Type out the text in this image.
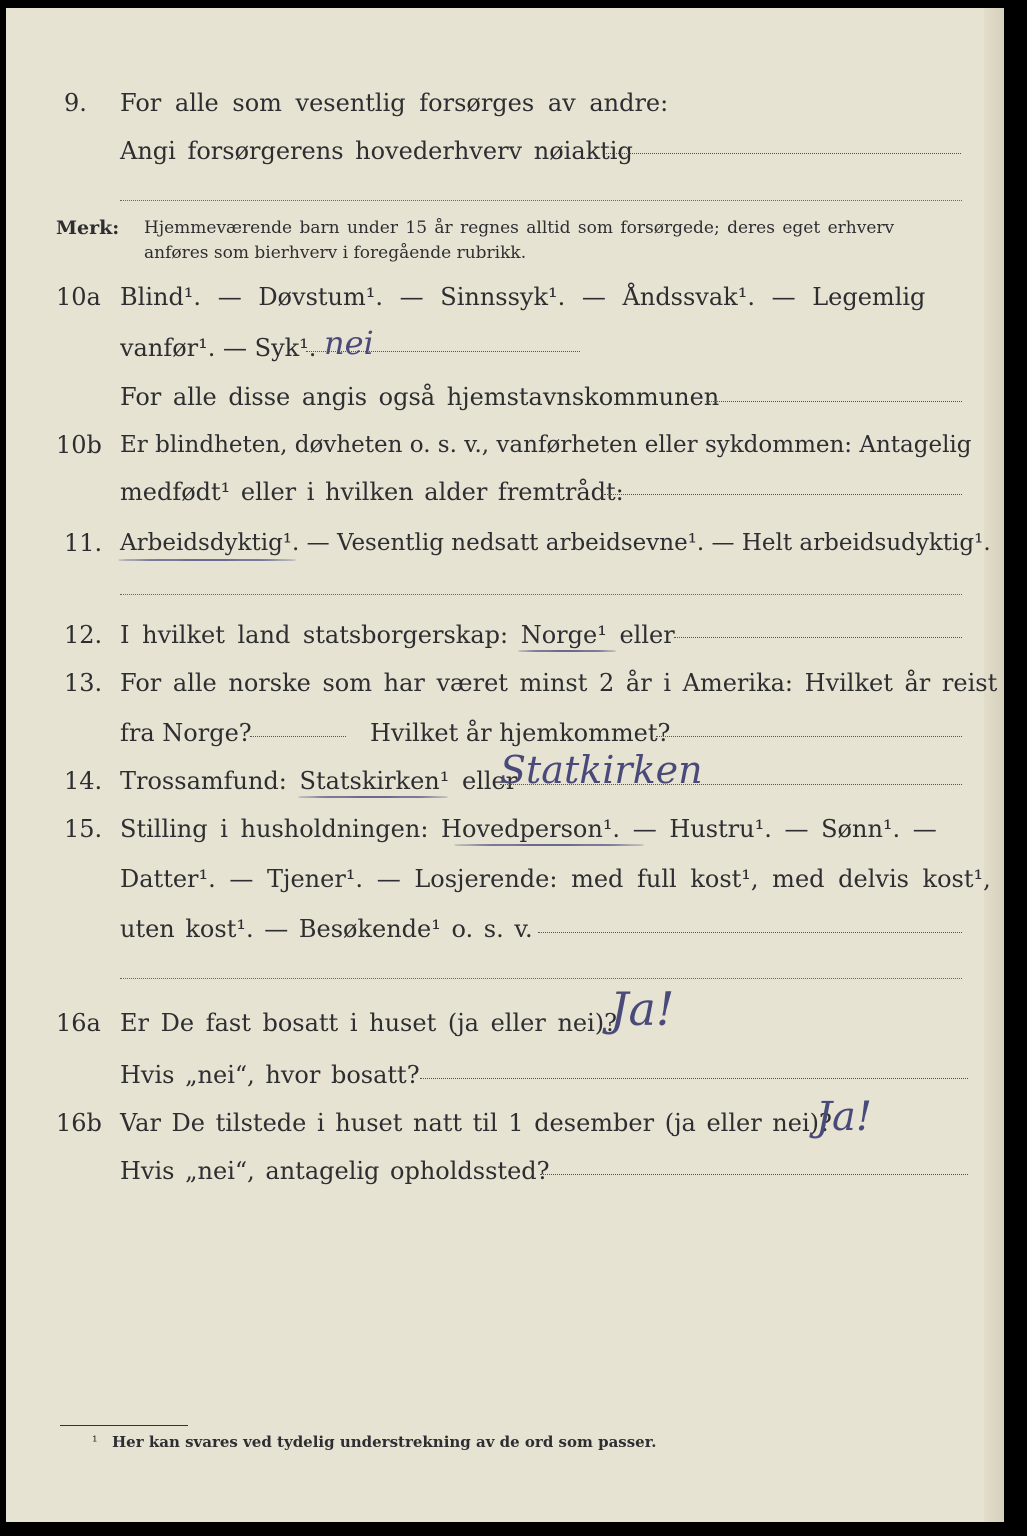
9. For alle som vesentlig forsørges av andre:
Angi forsørgerens hovederhverv nøiaktig
Merk: Hjemmeværende barn under 15 år regnes alltid som forsørgede; deres eget erhverv
anføres som bierhverv i foregående rubrikk.
10a Blind¹. — Døvstum¹. — Sinnssyk¹. — Åndssvak¹. — Legemlig
vanfør¹. — Syk¹. nei
For alle disse angis også hjemstavnskommunen
10b Er blindheten, døvheten o. s. v., vanførheten eller sykdommen: Antagelig
medfødt¹ eller i hvilken alder fremtrådt:
11. Arbeidsdyktig¹. — Vesentlig nedsatt arbeidsevne¹. — Helt arbeidsudyktig¹.
12. I hvilket land statsborgerskap: Norge¹ eller
13. For alle norske som har været minst 2 år i Amerika: Hvilket år reist
fra Norge?	Hvilket år hjemkommet?
14. Trossamfund: Statskirken¹ eller
Statkirken
15. Stilling i husholdningen: Hovedperson¹. — Hustru¹. — Sønn¹. —
Datter¹. — Tjener¹. — Losjerende: med full kost¹, med delvis kost¹,
uten kost¹. — Besøkende¹ o. s. v.
16a Er De fast bosatt i huset (ja eller nei)?
Ja!
Hvis „nei“, hvor bosatt?
16b Var De tilstede i huset natt til 1 desember (ja eller nei)?
Ja!
Hvis „nei“, antagelig opholdssted?
¹ Her kan svares ved tydelig understrekning av de ord som passer.
